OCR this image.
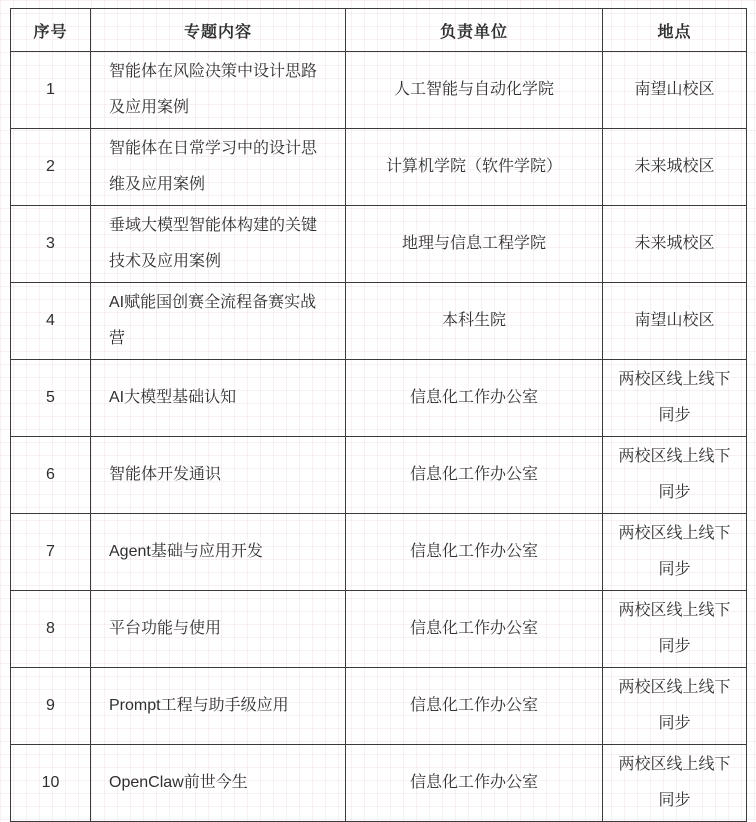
序号	专题内容	负责单位	地点
1	智能体在风险决策中设计思路及应用案例	人工智能与自动化学院	南望山校区
2	智能体在日常学习中的设计思维及应用案例	计算机学院（软件学院）	未来城校区
3	垂域大模型智能体构建的关键技术及应用案例	地理与信息工程学院	未来城校区
4	AI赋能国创赛全流程备赛实战营	本科生院	南望山校区
5	AI大模型基础认知	信息化工作办公室	两校区线上线下同步
6	智能体开发通识	信息化工作办公室	两校区线上线下同步
7	Agent基础与应用开发	信息化工作办公室	两校区线上线下同步
8	平台功能与使用	信息化工作办公室	两校区线上线下同步
9	Prompt工程与助手级应用	信息化工作办公室	两校区线上线下同步
10	OpenClaw前世今生	信息化工作办公室	两校区线上线下同步
